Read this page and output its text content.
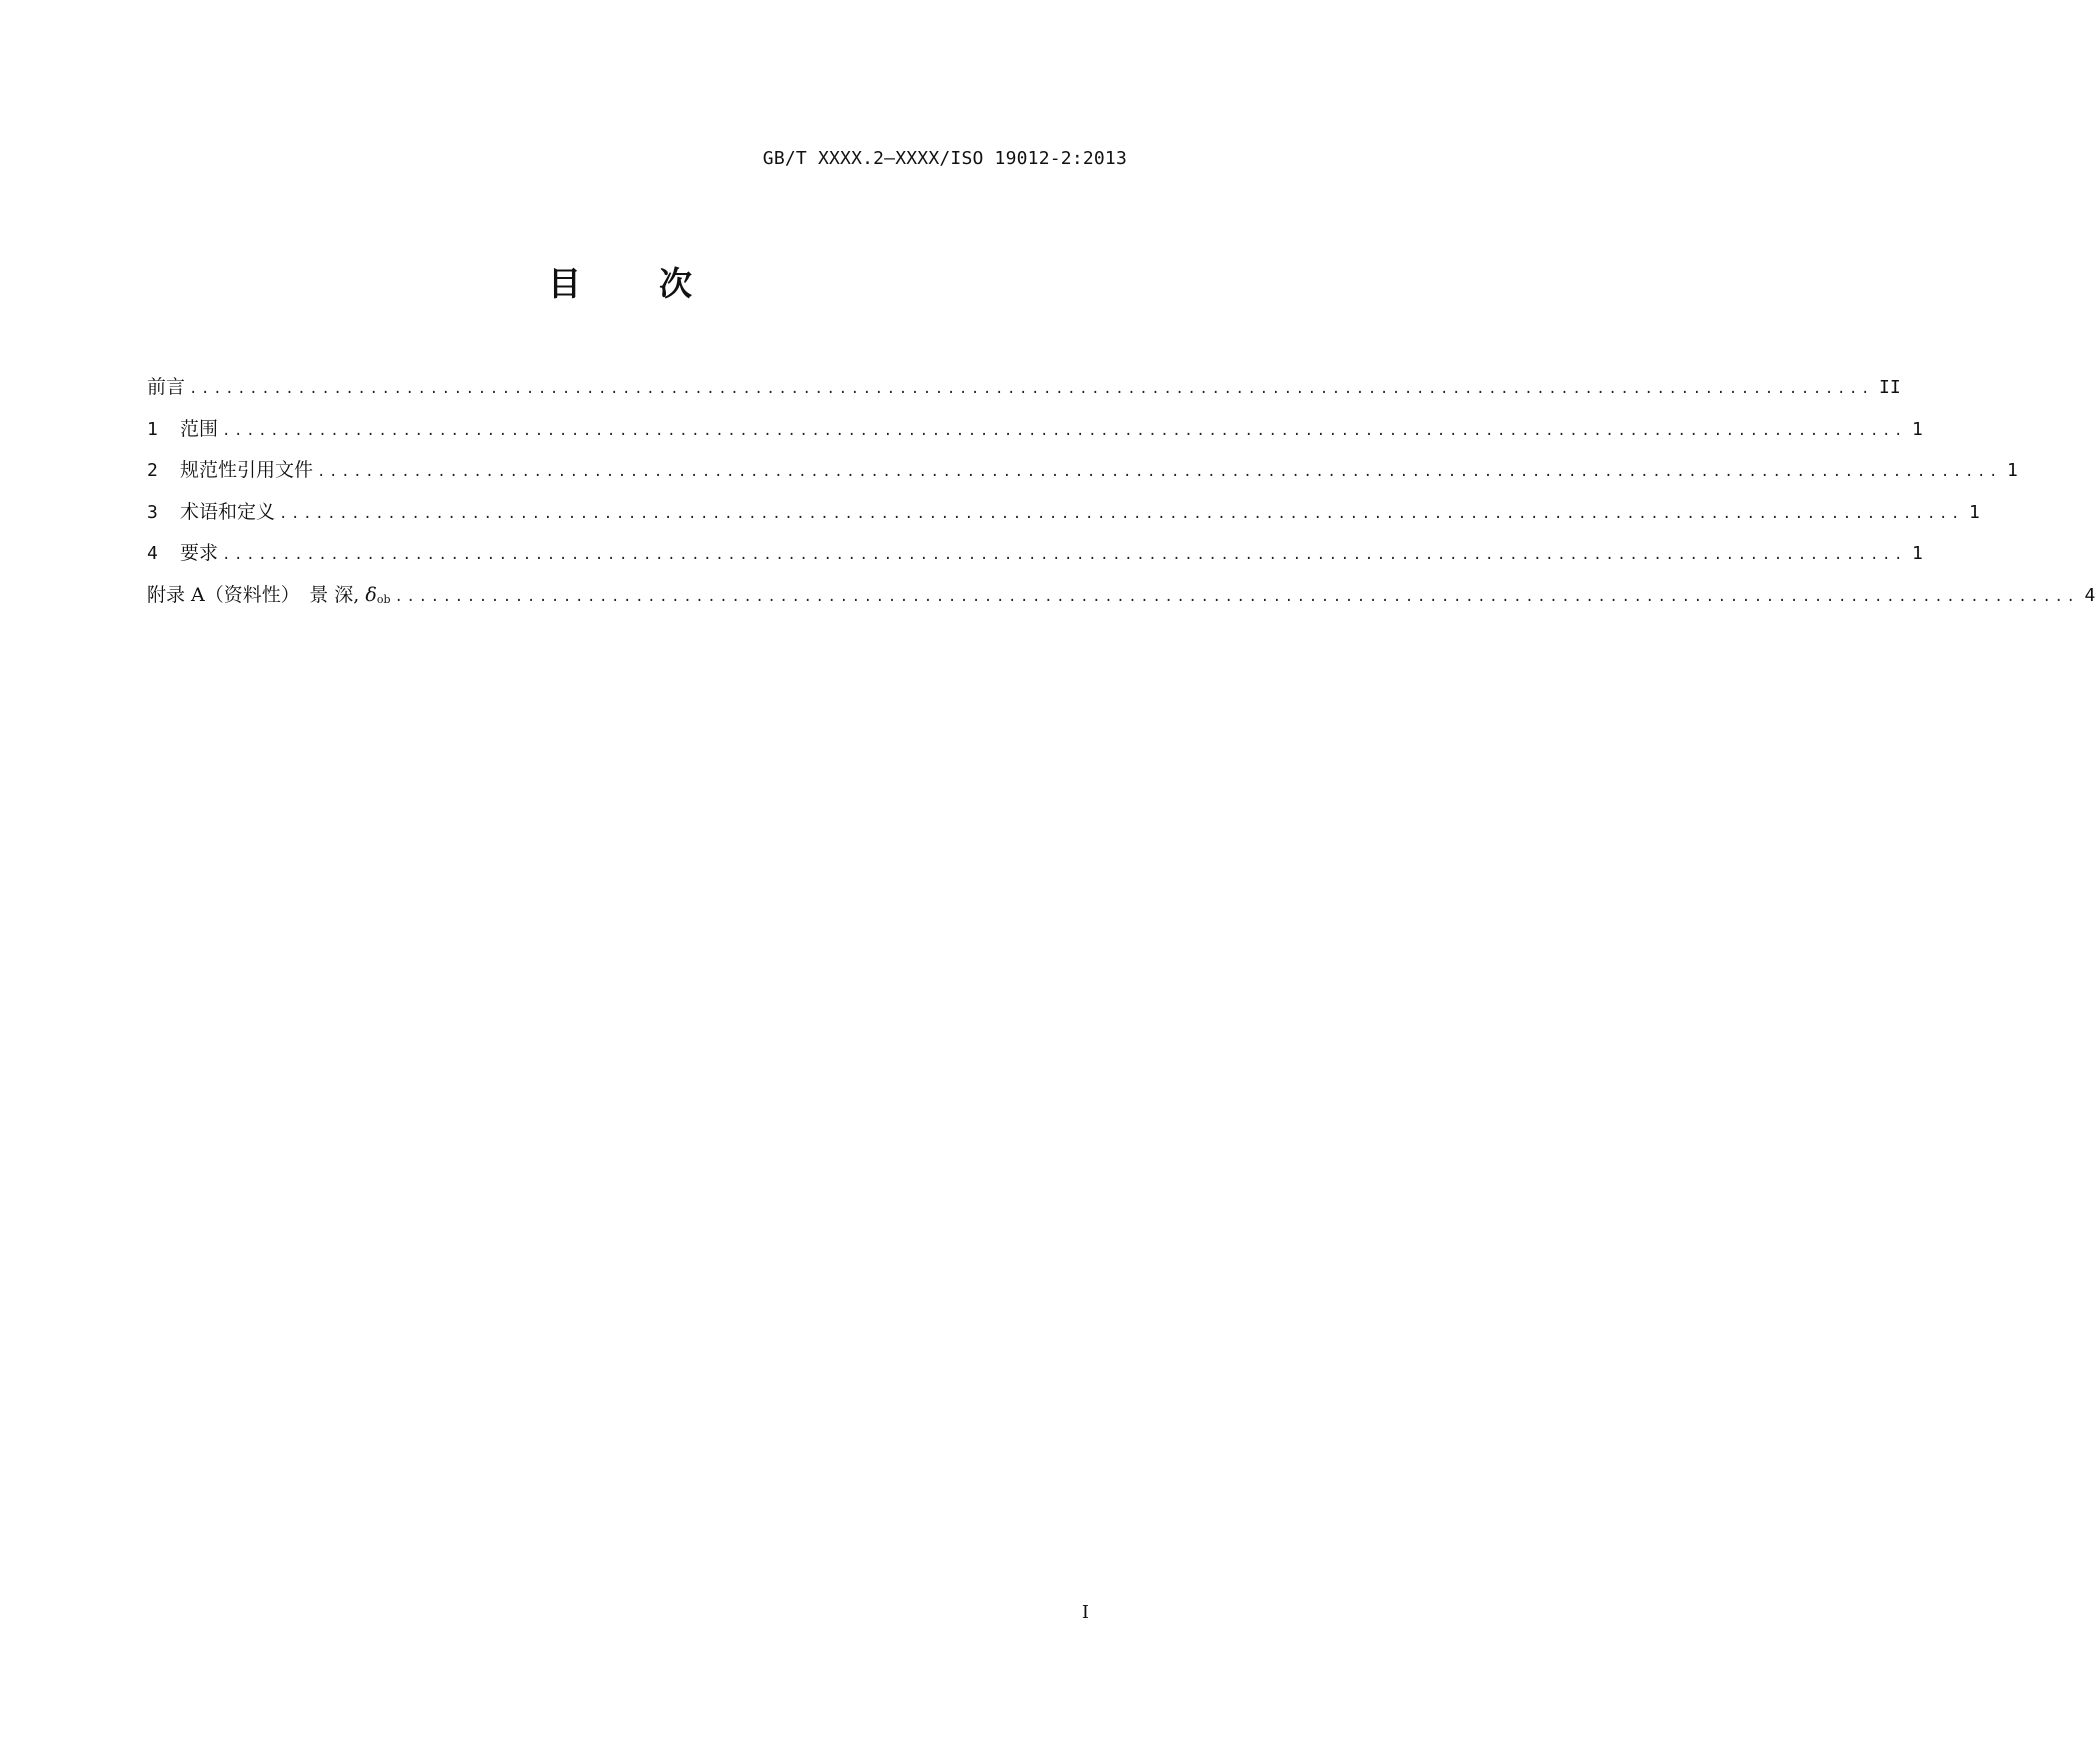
GB/T XXXX.2—XXXX/ISO 19012-2:2013
目 次
前言 ............................................................................................................................................ II
1	范围 ............................................................................................................................................ 1
2	规范性引用文件 ............................................................................................................................................ 1
3	术语和定义 ............................................................................................................................................ 1
4	要求 ............................................................................................................................................ 1
附录 A（资料性）　景 深, δob ............................................................................................................................................ 4
I
